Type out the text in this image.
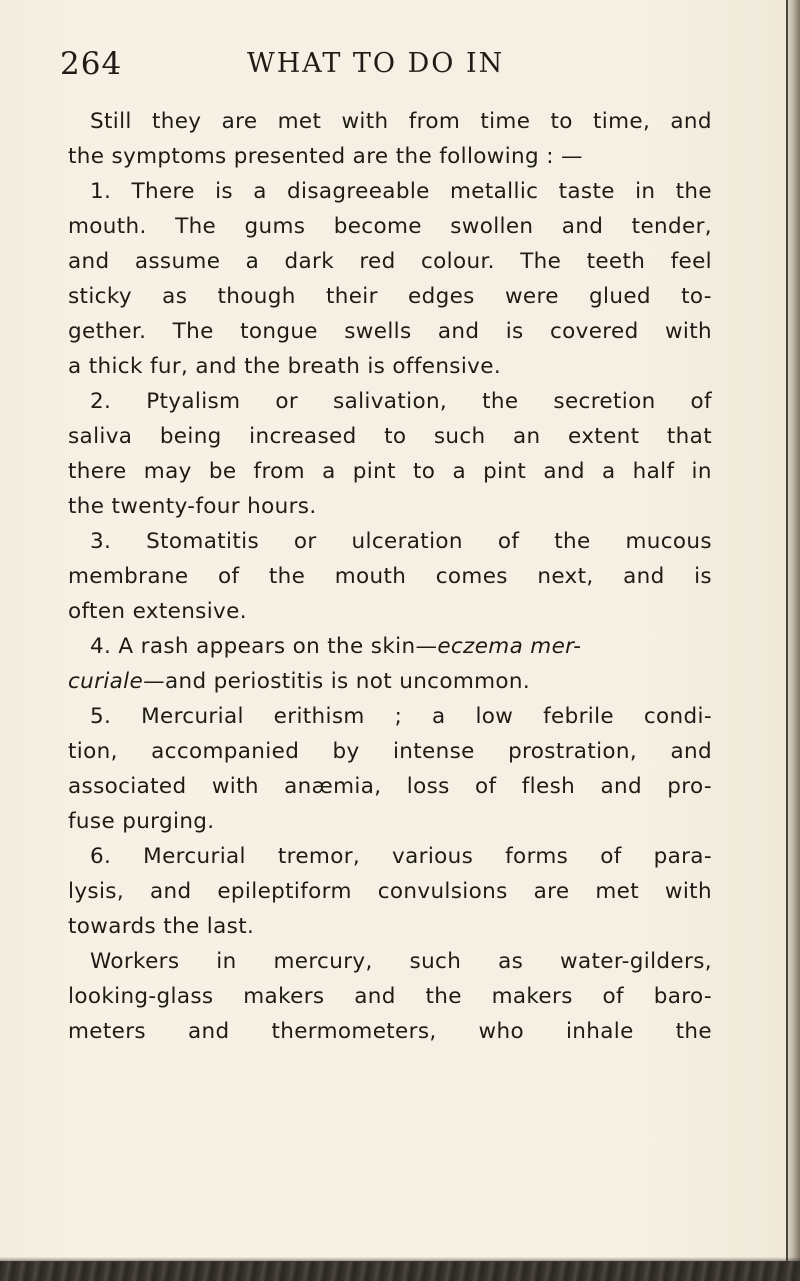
264	WHAT TO DO IN
Still they are met with from time to time, and
the symptoms presented are the following : —
1. There is a disagreeable metallic taste in the
mouth. The gums become swollen and tender,
and assume a dark red colour. The teeth feel
sticky as though their edges were glued to-
gether. The tongue swells and is covered with
a thick fur, and the breath is offensive.
2. Ptyalism or salivation, the secretion of
saliva being increased to such an extent that
there may be from a pint to a pint and a half in
the twenty-four hours.
3. Stomatitis or ulceration of the mucous
membrane of the mouth comes next, and is
often extensive.
4. A rash appears on the skin—eczema mer-
curiale—and periostitis is not uncommon.
5. Mercurial erithism ; a low febrile condi-
tion, accompanied by intense prostration, and
associated with anæmia, loss of flesh and pro-
fuse purging.
6. Mercurial tremor, various forms of para-
lysis, and epileptiform convulsions are met with
towards the last.
Workers in mercury, such as water-gilders,
looking-glass makers and the makers of baro-
meters and thermometers, who inhale the
